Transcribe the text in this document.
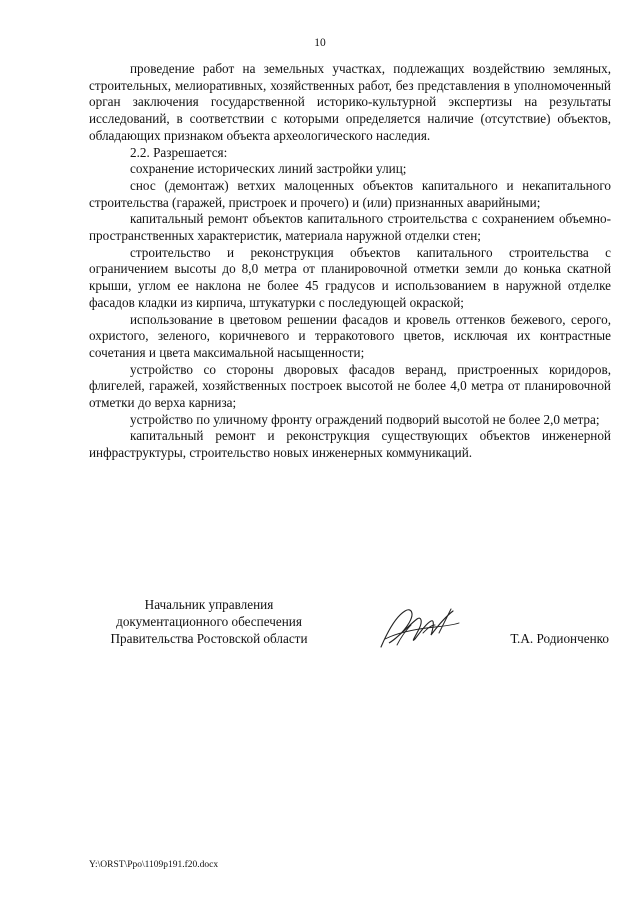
10

проведение работ на земельных участках, подлежащих воздействию земляных, строительных, мелиоративных, хозяйственных работ, без представления в уполномоченный орган заключения государственной историко-культурной экспертизы на результаты исследований, в соответствии с которыми определяется наличие (отсутствие) объектов, обладающих признаком объекта археологического наследия.

2.2. Разрешается:

сохранение исторических линий застройки улиц;

снос (демонтаж) ветхих малоценных объектов капитального и некапитального строительства (гаражей, пристроек и прочего) и (или) признанных аварийными;

капитальный ремонт объектов капитального строительства с сохранением объемно-пространственных характеристик, материала наружной отделки стен;

строительство и реконструкция объектов капитального строительства с ограничением высоты до 8,0 метра от планировочной отметки земли до конька скатной крыши, углом ее наклона не более 45 градусов и использованием в наружной отделке фасадов кладки из кирпича, штукатурки с последующей окраской;

использование в цветовом решении фасадов и кровель оттенков бежевого, серого, охристого, зеленого, коричневого и терракотового цветов, исключая их контрастные сочетания и цвета максимальной насыщенности;

устройство со стороны дворовых фасадов веранд, пристроенных коридоров, флигелей, гаражей, хозяйственных построек высотой не более 4,0 метра от планировочной отметки до верха карниза;

устройство по уличному фронту ограждений подворий высотой не более 2,0 метра;

капитальный ремонт и реконструкция существующих объектов инженерной инфраструктуры, строительство новых инженерных коммуникаций.

Начальник управления
документационного обеспечения
Правительства Ростовской области	Т.А. Родионченко
Y:\ORST\Ppo\1109p191.f20.docx
